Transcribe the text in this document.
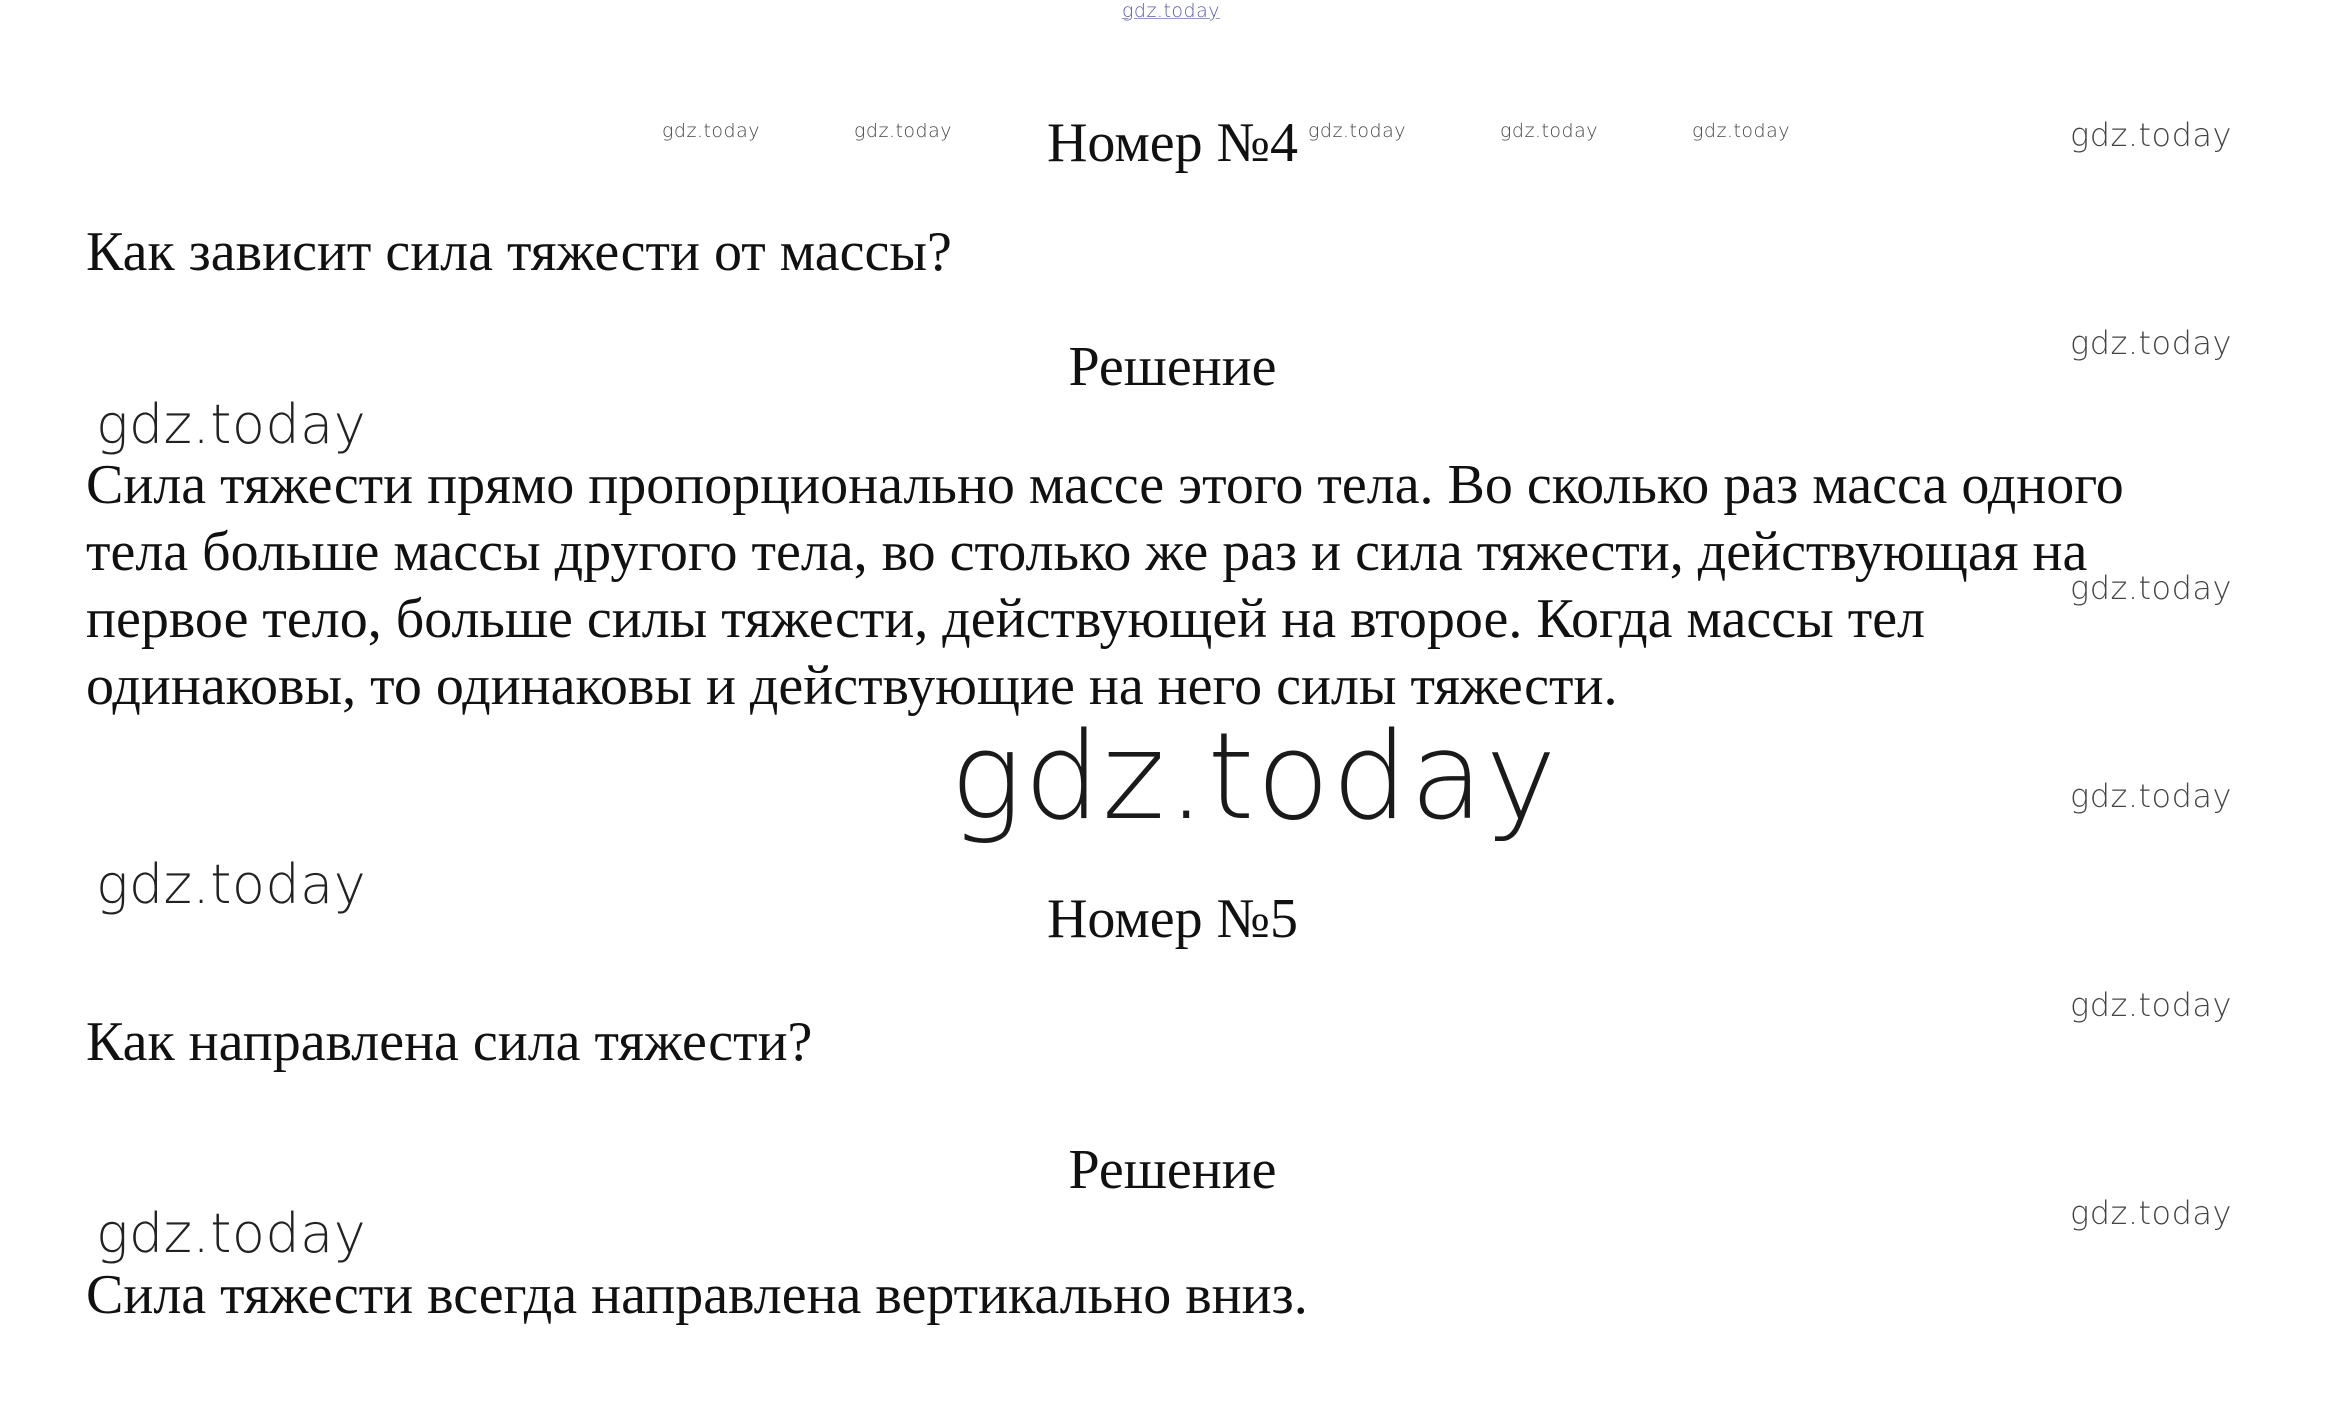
gdz.today
gdz.today	gdz.today	gdz.today	gdz.today	gdz.today	gdz.today
gdz.today
gdz.today
gdz.today
gdz.today
gdz.today
gdz.today
gdz.today
gdz.today
gdz.today
Номер №4

Как зависит сила тяжести от массы?

Решение
Сила тяжести прямо пропорционально массе этого тела. Во сколько раз масса одного
тела больше массы другого тела, во столько же раз и сила тяжести, действующая на
первое тело, больше силы тяжести, действующей на второе. Когда массы тел
одинаковы, то одинаковы и действующие на него силы тяжести.
Номер №5

Как направлена сила тяжести?

Решение
Сила тяжести всегда направлена вертикально вниз.
